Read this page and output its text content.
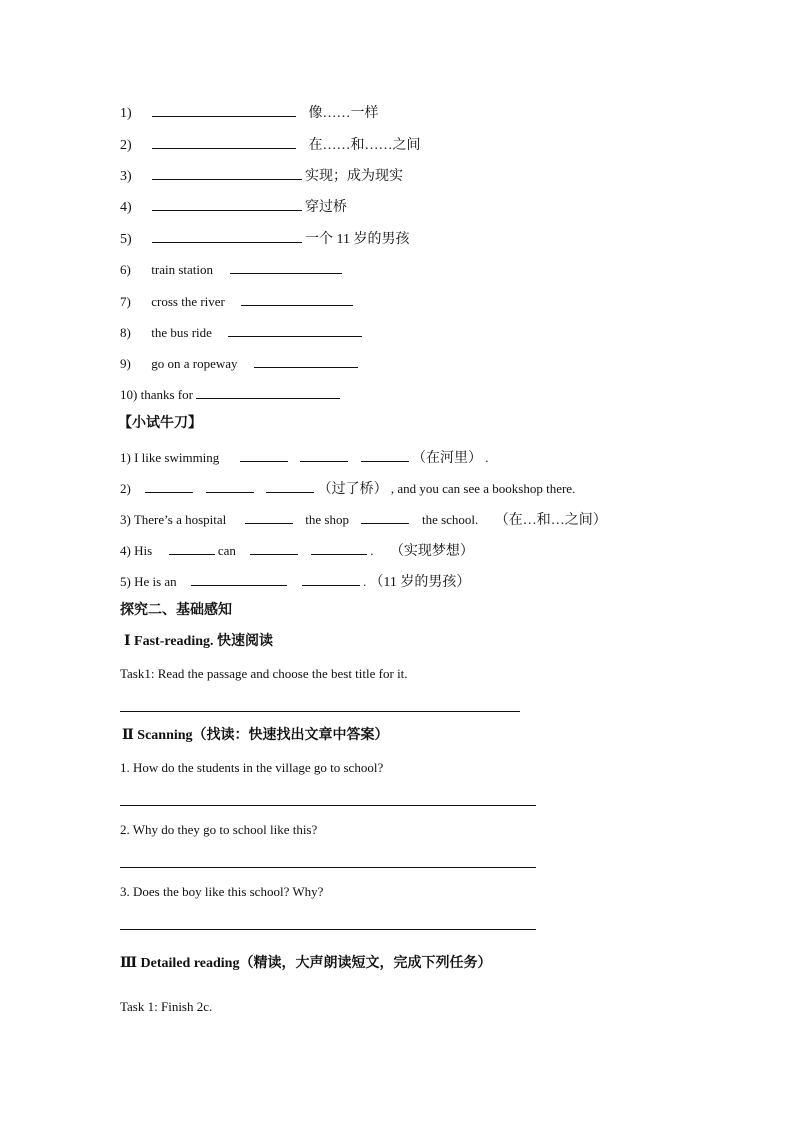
1)	像……一样
2)	在……和……之间
3)	实现；成为现实
4)	穿过桥
5)	一个 11 岁的男孩
6) train station
7) cross the river
8) the bus ride
9) go on a ropeway
10) thanks for
【小试牛刀】
1) I like swimming	（在河里） .
2)	（过了桥） , and you can see a bookshop there.
3) There’s a hospital	the shop	the school. （在…和…之间）
4) His	can	. （实现梦想）
5) He is an	. （11 岁的男孩）
探究二、基础感知
Ⅰ Fast-reading. 快速阅读
Task1: Read the passage and choose the best title for it.
Ⅱ Scanning（找读：快速找出文章中答案）
1. How do the students in the village go to school?
2. Why do they go to school like this?
3. Does the boy like this school? Why?
Ⅲ Detailed reading（精读，大声朗读短文，完成下列任务）
Task 1: Finish 2c.
